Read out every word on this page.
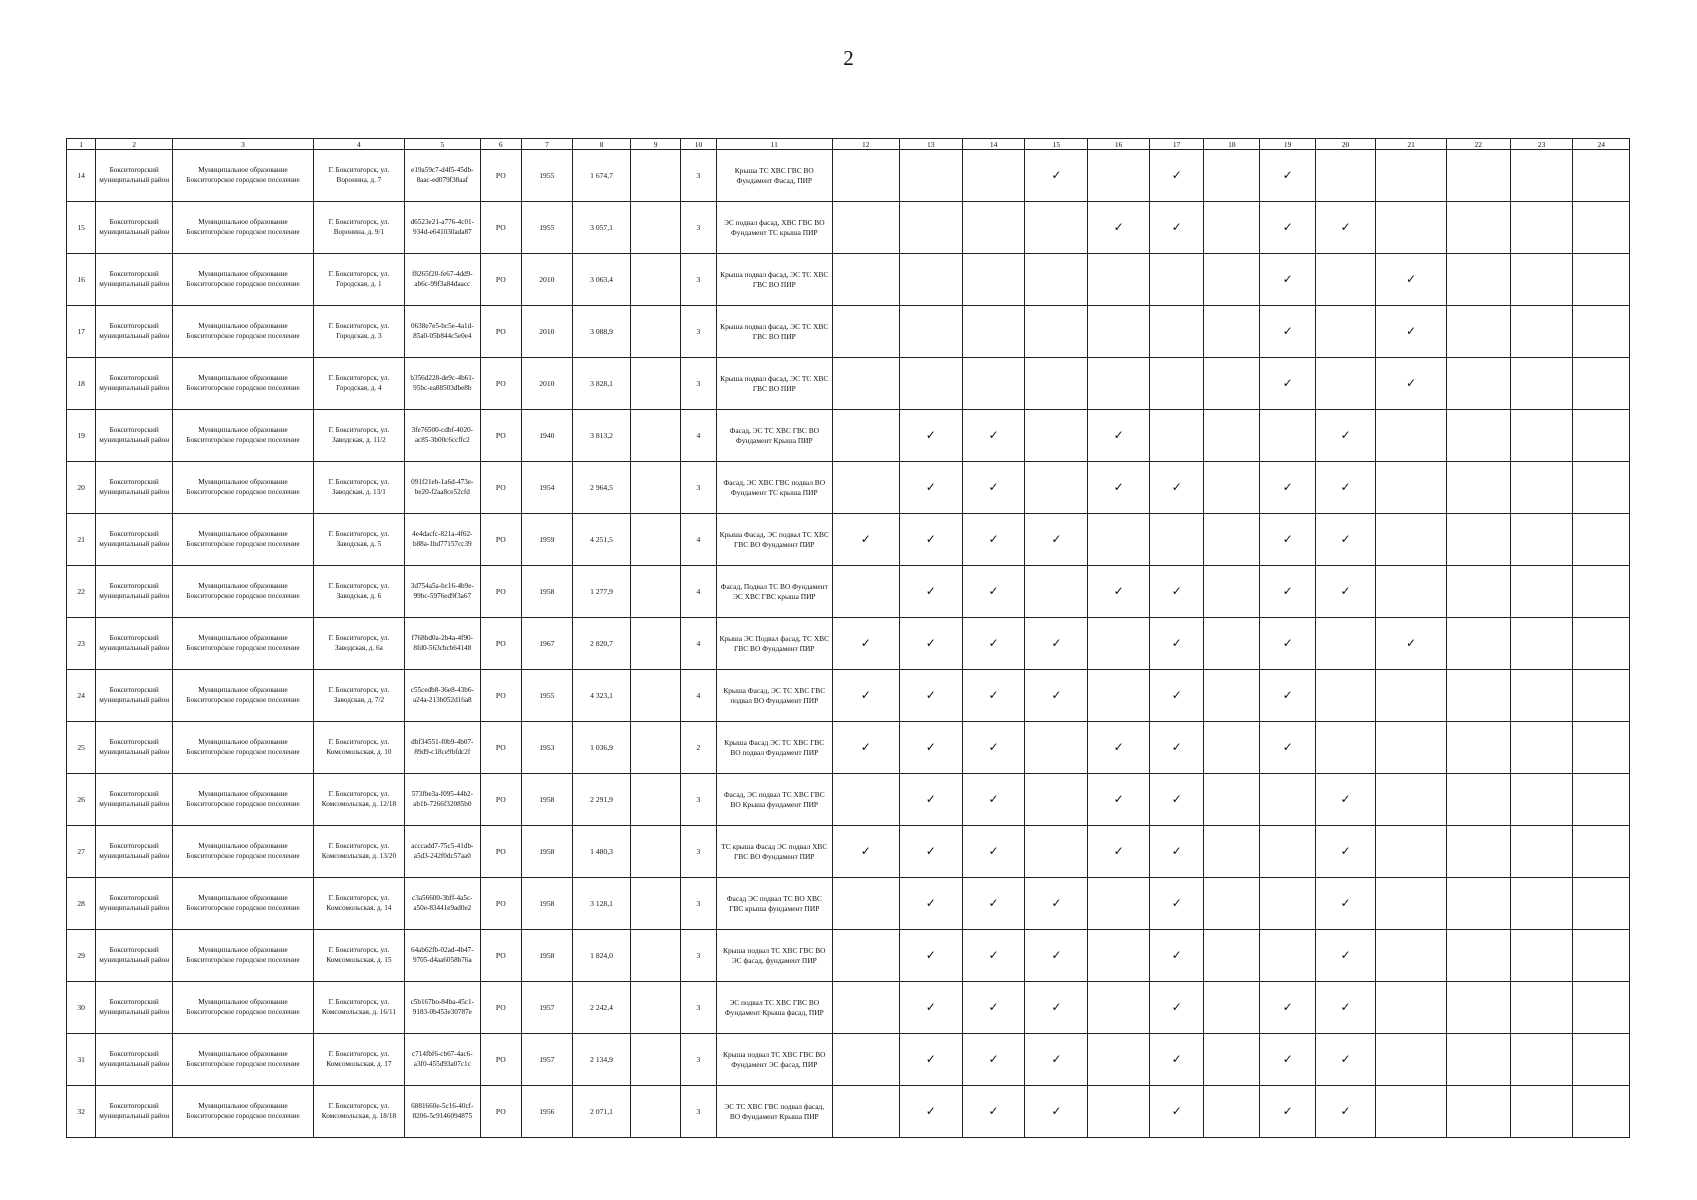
2
1	2	3	4	5	6	7	8	9	10	11	12	13	14	15	16	17	18	19	20	21	22	23	24
14	Бокситогорский муниципальный район	Муниципальное образование Бокситогорское городское поселение	Г. Бокситогорск, ул. Воронина, д. 7	e19a59c7-d4f5-45db-8aac-ed079f38aaf	РО	1955	1 674,7		3	Крыша ТС ХВС ГВС ВО Фундамент Фасад, ПИР				✓		✓		✓					
15	Бокситогорский муниципальный район	Муниципальное образование Бокситогорское городское поселение	Г. Бокситогорск, ул. Воронина, д. 9/1	d6523e21-a776-4c01-934d-e641030ada87	РО	1955	3 057,1		3	ЭС подвал фасад, ХВС ГВС ВО Фундамент ТС крыша ПИР					✓	✓		✓	✓				
16	Бокситогорский муниципальный район	Муниципальное образование Бокситогорское городское поселение	Г. Бокситогорск, ул. Городская, д. 1	f8265f20-fe67-4dd9-ab6c-99f3a84daacc	РО	2010	3 063,4		3	Крыша подвал фасад, ЭС ТС ХВС ГВС ВО ПИР								✓		✓			
17	Бокситогорский муниципальный район	Муниципальное образование Бокситогорское городское поселение	Г. Бокситогорск, ул. Городская, д. 3	0638e7e5-bc5e-4a1d-85a0-05b844c5e0e4	РО	2010	3 088,9		3	Крыша подвал фасад, ЭС ТС ХВС ГВС ВО ПИР								✓		✓			
18	Бокситогорский муниципальный район	Муниципальное образование Бокситогорское городское поселение	Г. Бокситогорск, ул. Городская, д. 4	b356d228-de9c-4b61-95bc-ea88503dbe8b	РО	2010	3 828,1		3	Крыша подвал фасад, ЭС ТС ХВС ГВС ВО ПИР								✓		✓			
19	Бокситогорский муниципальный район	Муниципальное образование Бокситогорское городское поселение	Г. Бокситогорск, ул. Заводская, д. 11/2	3fe76500-cdbf-4020-ac85-3b00c6ccffc2	РО	1940	3 813,2		4	Фасад, ЭС ТС ХВС ГВС ВО Фундамент Крыша ПИР		✓	✓		✓				✓				
20	Бокситогорский муниципальный район	Муниципальное образование Бокситогорское городское поселение	Г. Бокситогорск, ул. Заводская, д. 13/1	091f21eb-1a6d-473e-be20-f2aa8ce52cfd	РО	1954	2 964,5		3	Фасад, ЭС ХВС ГВС подвал ВО Фундамент ТС крыша ПИР		✓	✓		✓	✓		✓	✓				
21	Бокситогорский муниципальный район	Муниципальное образование Бокситогорское городское поселение	Г. Бокситогорск, ул. Заводская, д. 5	4e4dacfc-821a-4f62-b88a-1bd77157cc39	РО	1959	4 251,5		4	Крыша Фасад, ЭС подвал ТС ХВС ГВС ВО Фундамент ПИР	✓	✓	✓	✓				✓	✓				
22	Бокситогорский муниципальный район	Муниципальное образование Бокситогорское городское поселение	Г. Бокситогорск, ул. Заводская, д. 6	3d754a5a-bc16-4b9e-99bc-5976ed9f3a67	РО	1958	1 277,9		4	Фасад, Подвал ТС ВО Фундамент ЭС ХВС ГВС крыша ПИР		✓	✓		✓	✓		✓	✓				
23	Бокситогорский муниципальный район	Муниципальное образование Бокситогорское городское поселение	Г. Бокситогорск, ул. Заводская, д. 6а	f768bd0a-2b4a-4f90-8fd0-563cbcb64148	РО	1967	2 820,7		4	Крыша ЭС Подвал фасад, ТС ХВС ГВС ВО Фундамент ПИР	✓	✓	✓	✓		✓		✓		✓			
24	Бокситогорский муниципальный район	Муниципальное образование Бокситогорское городское поселение	Г. Бокситогорск, ул. Заводская, д. 7/2	c55cedb8-36e8-43b6-a24a-213b052d16a8	РО	1955	4 323,1		4	Крыша Фасад, ЭС ТС ХВС ГВС подвал ВО Фундамент ПИР	✓	✓	✓	✓		✓		✓					
25	Бокситогорский муниципальный район	Муниципальное образование Бокситогорское городское поселение	Г. Бокситогорск, ул. Комсомольская, д. 10	dbf34551-f0b9-4b07-89d9-c18ce9bfdc2f	РО	1953	1 036,9		2	Крыша Фасад ЭС ТС ХВС ГВС ВО подвал Фундамент ПИР	✓	✓	✓		✓	✓		✓					
26	Бокситогорский муниципальный район	Муниципальное образование Бокситогорское городское поселение	Г. Бокситогорск, ул. Комсомольская, д. 12/18	573fbe3a-f095-44b2-ab1b-7266f32085b0	РО	1958	2 291,9		3	Фасад, ЭС подвал ТС ХВС ГВС ВО Крыша фундамент ПИР		✓	✓		✓	✓			✓				
27	Бокситогорский муниципальный район	Муниципальное образование Бокситогорское городское поселение	Г. Бокситогорск, ул. Комсомольская, д. 13/20	acccadd7-75c5-41db-a5d3-242f0dc57aa0	РО	1958	1 480,3		3	ТС крыша Фасад ЭС подвал ХВС ГВС ВО Фундамент ПИР	✓	✓	✓		✓	✓			✓				
28	Бокситогорский муниципальный район	Муниципальное образование Бокситогорское городское поселение	Г. Бокситогорск, ул. Комсомольская, д. 14	c3a56600-3bff-4a5c-a50e-83441e9ad0e2	РО	1958	3 128,1		3	Фасад ЭС подвал ТС ВО ХВС ГВС крыша фундамент ПИР		✓	✓	✓		✓			✓				
29	Бокситогорский муниципальный район	Муниципальное образование Бокситогорское городское поселение	Г. Бокситогорск, ул. Комсомольская, д. 15	64ab62fb-02ad-4b47-9705-d4aa6058b76a	РО	1958	1 824,0		3	Крыша подвал ТС ХВС ГВС ВО ЭС фасад, фундамент ПИР		✓	✓	✓		✓			✓				
30	Бокситогорский муниципальный район	Муниципальное образование Бокситогорское городское поселение	Г. Бокситогорск, ул. Комсомольская, д. 16/11	c5b167bo-84ba-45c1-9183-0b453e30787e	РО	1957	2 242,4		3	ЭС подвал ТС ХВС ГВС ВО Фундамент Крыша фасад, ПИР		✓	✓	✓		✓		✓	✓				
31	Бокситогорский муниципальный район	Муниципальное образование Бокситогорское городское поселение	Г. Бокситогорск, ул. Комсомольская, д. 17	c714fbf6-cb67-4ac6-a3f0-455d93a07c1c	РО	1957	2 134,9		3	Крыша подвал ТС ХВС ГВС ВО Фундамент ЭС фасад, ПИР		✓	✓	✓		✓		✓	✓				
32	Бокситогорский муниципальный район	Муниципальное образование Бокситогорское городское поселение	Г. Бокситогорск, ул. Комсомольская, д. 18/18	6881660e-5c16-40cf-8206-5c9146094875	РО	1956	2 071,1		3	ЭС ТС ХВС ГВС подвал фасад, ВО Фундамент Крыша ПИР		✓	✓	✓		✓		✓	✓				
